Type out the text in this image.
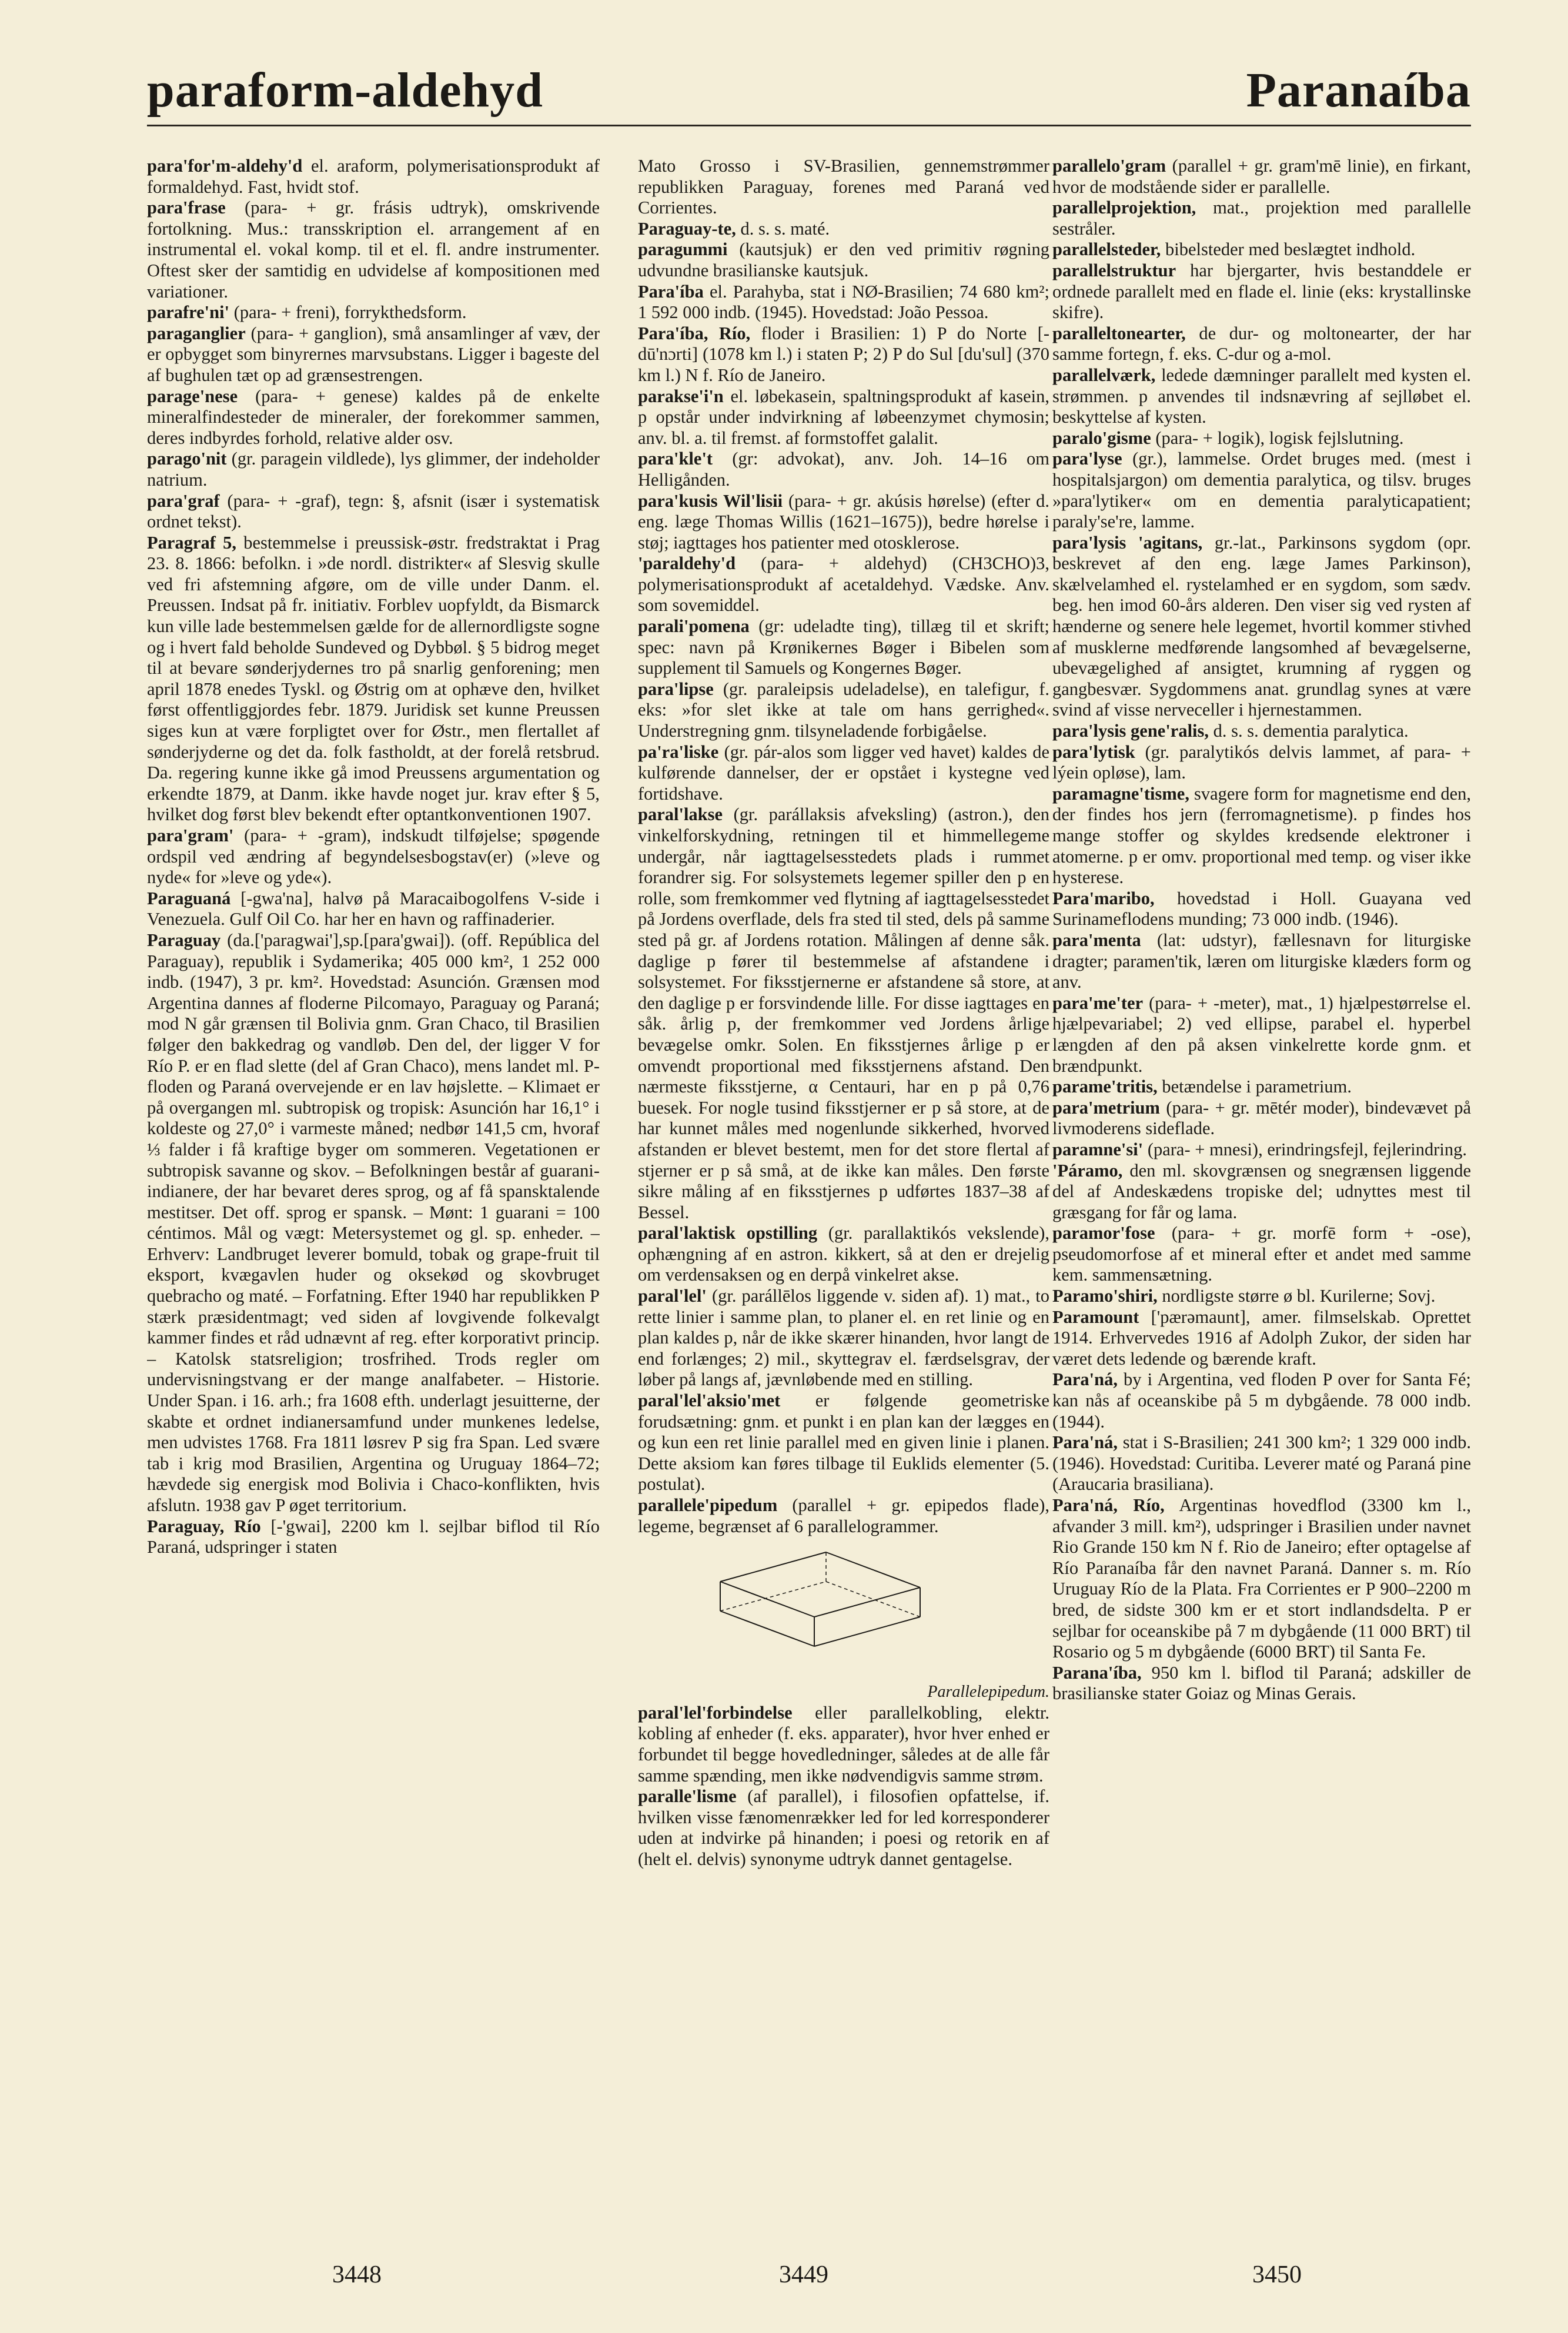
paraform-aldehyd	Paranaíba

para'for'm-aldehy'd el. araform, polymerisationsprodukt af formaldehyd. Fast, hvidt stof.

para'frase (para- + gr. frásis udtryk), omskrivende fortolkning. Mus.: transskription el. arrangement af en instrumental el. vokal komp. til et el. fl. andre instrumenter. Oftest sker der samtidig en udvidelse af kompositionen med variationer.

parafre'ni' (para- + freni), forrykthedsform.

paraganglier (para- + ganglion), små ansamlinger af væv, der er opbygget som binyrernes marvsubstans. Ligger i bageste del af bughulen tæt op ad grænsestrengen.

parage'nese (para- + genese) kaldes på de enkelte mineralfindesteder de mineraler, der forekommer sammen, deres indbyrdes forhold, relative alder osv.

parago'nit (gr. paragein vildlede), lys glimmer, der indeholder natrium.

para'graf (para- + -graf), tegn: §, afsnit (især i systematisk ordnet tekst).

Paragraf 5, bestemmelse i preussisk-østr. fredstraktat i Prag 23. 8. 1866: befolkn. i »de nordl. distrikter« af Slesvig skulle ved fri afstemning afgøre, om de ville under Danm. el. Preussen. Indsat på fr. initiativ. Forblev uopfyldt, da Bismarck kun ville lade bestemmelsen gælde for de allernordligste sogne og i hvert fald beholde Sundeved og Dybbøl. § 5 bidrog meget til at bevare sønderjydernes tro på snarlig genforening; men april 1878 enedes Tyskl. og Østrig om at ophæve den, hvilket først offentliggjordes febr. 1879. Juridisk set kunne Preussen siges kun at være forpligtet over for Østr., men flertallet af sønderjyderne og det da. folk fastholdt, at der forelå retsbrud. Da. regering kunne ikke gå imod Preussens argumentation og erkendte 1879, at Danm. ikke havde noget jur. krav efter § 5, hvilket dog først blev bekendt efter optantkonventionen 1907.

para'gram' (para- + -gram), indskudt tilføjelse; spøgende ordspil ved ændring af begyndelsesbogstav(er) (»leve og nyde« for »leve og yde«).

Paraguaná [-gwa'na], halvø på Maracaibogolfens V-side i Venezuela. Gulf Oil Co. har her en havn og raffinaderier.

Paraguay (da.['paragwai'],sp.[para'gwai]). (off. República del Paraguay), republik i Sydamerika; 405 000 km², 1 252 000 indb. (1947), 3 pr. km². Hovedstad: Asunción. Grænsen mod Argentina dannes af floderne Pilcomayo, Paraguay og Paraná; mod N går grænsen til Bolivia gnm. Gran Chaco, til Brasilien følger den bakkedrag og vandløb. Den del, der ligger V for Río P. er en flad slette (del af Gran Chaco), mens landet ml. P-floden og Paraná overvejende er en lav højslette. – Klimaet er på overgangen ml. subtropisk og tropisk: Asunción har 16,1° i koldeste og 27,0° i varmeste måned; nedbør 141,5 cm, hvoraf ⅓ falder i få kraftige byger om sommeren. Vegetationen er subtropisk savanne og skov. – Befolkningen består af guarani-indianere, der har bevaret deres sprog, og af få spansktalende mestitser. Det off. sprog er spansk. – Mønt: 1 guarani = 100 céntimos. Mål og vægt: Metersystemet og gl. sp. enheder. – Erhverv: Landbruget leverer bomuld, tobak og grape-fruit til eksport, kvægavlen huder og oksekød og skovbruget quebracho og maté. – Forfatning. Efter 1940 har republikken P stærk præsidentmagt; ved siden af lovgivende folkevalgt kammer findes et råd udnævnt af reg. efter korporativt princip. – Katolsk statsreligion; trosfrihed. Trods regler om undervisningstvang er der mange analfabeter. – Historie. Under Span. i 16. arh.; fra 1608 efth. underlagt jesuitterne, der skabte et ordnet indianersamfund under munkenes ledelse, men udvistes 1768. Fra 1811 løsrev P sig fra Span. Led svære tab i krig mod Brasilien, Argentina og Uruguay 1864–72; hævdede sig energisk mod Bolivia i Chaco-konflikten, hvis afslutn. 1938 gav P øget territorium.

Paraguay, Río [-'gwai], 2200 km l. sejlbar biflod til Río Paraná, udspringer i staten

Mato Grosso i SV-Brasilien, gennemstrømmer republikken Paraguay, forenes med Paraná ved Corrientes.

Paraguay-te, d. s. s. maté.

paragummi (kautsjuk) er den ved primitiv røgning udvundne brasilianske kautsjuk.

Para'íba el. Parahyba, stat i NØ-Brasilien; 74 680 km²; 1 592 000 indb. (1945). Hovedstad: João Pessoa.

Para'íba, Río, floder i Brasilien: 1) P do Norte [-dū'nɔrti] (1078 km l.) i staten P; 2) P do Sul [du'sul] (370 km l.) N f. Río de Janeiro.

parakse'i'n el. løbekasein, spaltningsprodukt af kasein, p opstår under indvirkning af løbeenzymet chymosin; anv. bl. a. til fremst. af formstoffet galalit.

para'kle't (gr: advokat), anv. Joh. 14–16 om Helligånden.

para'kusis Wil'lisii (para- + gr. akúsis hørelse) (efter d. eng. læge Thomas Willis (1621–1675)), bedre hørelse i støj; iagttages hos patienter med otosklerose.

'paraldehy'd (para- + aldehyd) (CH3CHO)3, polymerisationsprodukt af acetaldehyd. Vædske. Anv. som sovemiddel.

parali'pomena (gr: udeladte ting), tillæg til et skrift; spec: navn på Krønikernes Bøger i Bibelen som supplement til Samuels og Kongernes Bøger.

para'lipse (gr. paraleipsis udeladelse), en talefigur, f. eks: »for slet ikke at tale om hans gerrighed«. Understregning gnm. tilsyneladende forbigåelse.

pa'ra'liske (gr. pár-alos som ligger ved havet) kaldes de kulførende dannelser, der er opstået i kystegne ved fortidshave.

paral'lakse (gr. parállaksis afveksling) (astron.), den vinkelforskydning, retningen til et himmellegeme undergår, når iagttagelsesstedets plads i rummet forandrer sig. For solsystemets legemer spiller den p en rolle, som fremkommer ved flytning af iagttagelsesstedet på Jordens overflade, dels fra sted til sted, dels på samme sted på gr. af Jordens rotation. Målingen af denne såk. daglige p fører til bestemmelse af afstandene i solsystemet. For fiksstjernerne er afstandene så store, at den daglige p er forsvindende lille. For disse iagttages en såk. årlig p, der fremkommer ved Jordens årlige bevægelse omkr. Solen. En fiksstjernes årlige p er omvendt proportional med fiksstjernens afstand. Den nærmeste fiksstjerne, α Centauri, har en p på 0,76 buesek. For nogle tusind fiksstjerner er p så store, at de har kunnet måles med nogenlunde sikkerhed, hvorved afstanden er blevet bestemt, men for det store flertal af stjerner er p så små, at de ikke kan måles. Den første sikre måling af en fiksstjernes p udførtes 1837–38 af Bessel.

paral'laktisk opstilling (gr. parallaktikós vekslende), ophængning af en astron. kikkert, så at den er drejelig om verdensaksen og en derpå vinkelret akse.

paral'lel' (gr. parállēlos liggende v. siden af). 1) mat., to rette linier i samme plan, to planer el. en ret linie og en plan kaldes p, når de ikke skærer hinanden, hvor langt de end forlænges; 2) mil., skyttegrav el. færdselsgrav, der løber på langs af, jævnløbende med en stilling.

paral'lel'aksio'met er følgende geometriske forudsætning: gnm. et punkt i en plan kan der lægges en og kun een ret linie parallel med en given linie i planen. Dette aksiom kan føres tilbage til Euklids elementer (5. postulat).

parallele'pipedum (parallel + gr. epipedos flade), legeme, begrænset af 6 parallelogrammer.

Parallelepipedum.

paral'lel'forbindelse eller parallelkobling, elektr. kobling af enheder (f. eks. apparater), hvor hver enhed er forbundet til begge hovedledninger, således at de alle får samme spænding, men ikke nødvendigvis samme strøm.

paralle'lisme (af parallel), i filosofien opfattelse, if. hvilken visse fænomenrækker led for led korresponderer uden at indvirke på hinanden; i poesi og retorik en af (helt el. delvis) synonyme udtryk dannet gentagelse.

parallelo'gram (parallel + gr. gram'mē linie), en firkant, hvor de modstående sider er parallelle.

parallelprojektion, mat., projektion med parallelle sestråler.

parallelsteder, bibelsteder med beslægtet indhold.

parallelstruktur har bjergarter, hvis bestanddele er ordnede parallelt med en flade el. linie (eks: krystallinske skifre).

paralleltonearter, de dur- og moltonearter, der har samme fortegn, f. eks. C-dur og a-mol.

parallelværk, ledede dæmninger parallelt med kysten el. strømmen. p anvendes til indsnævring af sejlløbet el. beskyttelse af kysten.

paralo'gisme (para- + logik), logisk fejlslutning.

para'lyse (gr.), lammelse. Ordet bruges med. (mest i hospitalsjargon) om dementia paralytica, og tilsv. bruges »para'lytiker« om en dementia paralyticapatient; paraly'se're, lamme.

para'lysis 'agitans, gr.-lat., Parkinsons sygdom (opr. beskrevet af den eng. læge James Parkinson), skælvelamhed el. rystelamhed er en sygdom, som sædv. beg. hen imod 60-års alderen. Den viser sig ved rysten af hænderne og senere hele legemet, hvortil kommer stivhed af musklerne medførende langsomhed af bevægelserne, ubevægelighed af ansigtet, krumning af ryggen og gangbesvær. Sygdommens anat. grundlag synes at være svind af visse nerveceller i hjernestammen.

para'lysis gene'ralis, d. s. s. dementia paralytica.

para'lytisk (gr. paralytikós delvis lammet, af para- + lýein opløse), lam.

paramagne'tisme, svagere form for magnetisme end den, der findes hos jern (ferromagnetisme). p findes hos mange stoffer og skyldes kredsende elektroner i atomerne. p er omv. proportional med temp. og viser ikke hysterese.

Para'maribo, hovedstad i Holl. Guayana ved Surinameflodens munding; 73 000 indb. (1946).

para'menta (lat: udstyr), fællesnavn for liturgiske dragter; paramen'tik, læren om liturgiske klæders form og anv.

para'me'ter (para- + -meter), mat., 1) hjælpestørrelse el. hjælpevariabel; 2) ved ellipse, parabel el. hyperbel længden af den på aksen vinkelrette korde gnm. et brændpunkt.

parame'tritis, betændelse i parametrium.

para'metrium (para- + gr. mētér moder), bindevævet på livmoderens sideflade.

paramne'si' (para- + mnesi), erindringsfejl, fejlerindring.

'Páramo, den ml. skovgrænsen og snegrænsen liggende del af Andeskædens tropiske del; udnyttes mest til græsgang for får og lama.

paramor'fose (para- + gr. morfē form + -ose), pseudomorfose af et mineral efter et andet med samme kem. sammensætning.

Paramo'shiri, nordligste større ø bl. Kurilerne; Sovj.

Paramount ['pærəmaunt], amer. filmselskab. Oprettet 1914. Erhvervedes 1916 af Adolph Zukor, der siden har været dets ledende og bærende kraft.

Para'ná, by i Argentina, ved floden P over for Santa Fé; kan nås af oceanskibe på 5 m dybgående. 78 000 indb. (1944).

Para'ná, stat i S-Brasilien; 241 300 km²; 1 329 000 indb. (1946). Hovedstad: Curitiba. Leverer maté og Paraná pine (Araucaria brasiliana).

Para'ná, Río, Argentinas hovedflod (3300 km l., afvander 3 mill. km²), udspringer i Brasilien under navnet Rio Grande 150 km N f. Rio de Janeiro; efter optagelse af Río Paranaíba får den navnet Paraná. Danner s. m. Río Uruguay Río de la Plata. Fra Corrientes er P 900–2200 m bred, de sidste 300 km er et stort indlandsdelta. P er sejlbar for oceanskibe på 7 m dybgående (11 000 BRT) til Rosario og 5 m dybgående (6000 BRT) til Santa Fe.

Parana'íba, 950 km l. biflod til Paraná; adskiller de brasilianske stater Goiaz og Minas Gerais.

3448	3449	3450
